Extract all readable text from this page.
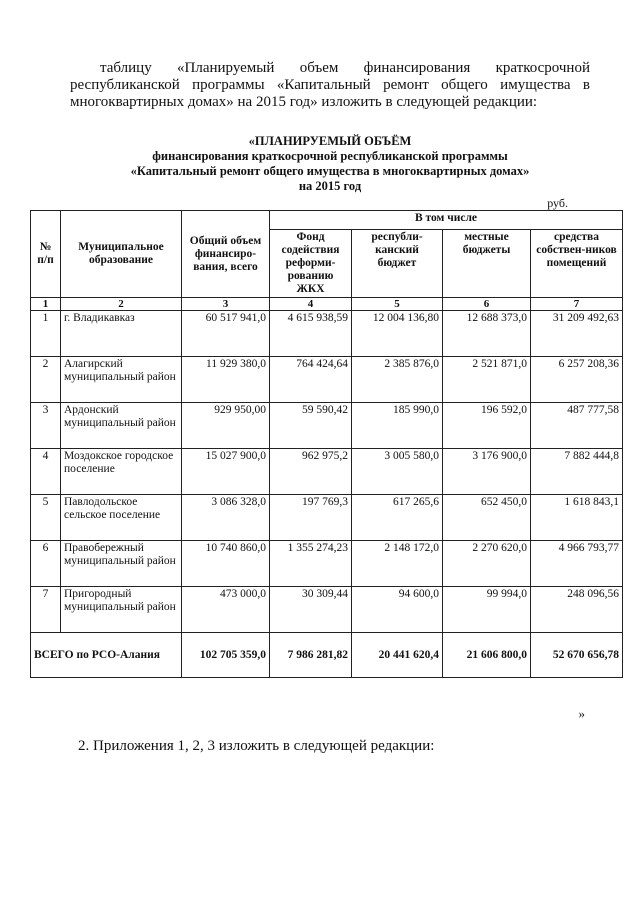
таблицу «Планируемый объем финансирования краткосрочной республиканской программы «Капитальный ремонт общего имущества в многоквартирных домах» на 2015 год» изложить в следующей редакции:
«ПЛАНИРУЕМЫЙ ОБЪЁМ
финансирования краткосрочной республиканской программы
«Капитальный ремонт общего имущества в многоквартирных домах»
на 2015 год
руб.
№ п/п	Муниципальное образование	Общий объем финансиро-вания, всего	В том числе			
			Фонд содействия реформи-рованию ЖКХ	республи-канский бюджет	местные бюджеты	средства собствен-ников помещений
1	2	3	4	5	6	7
1	г. Владикавказ	60 517 941,0	4 615 938,59	12 004 136,80	12 688 373,0	31 209 492,63
2	Алагирский муниципальный район	11 929 380,0	764 424,64	2 385 876,0	2 521 871,0	6 257 208,36
3	Ардонский муниципальный район	929 950,00	59 590,42	185 990,0	196 592,0	487 777,58
4	Моздокское городское поселение	15 027 900,0	962 975,2	3 005 580,0	3 176 900,0	7 882 444,8
5	Павлодольское сельское поселение	3 086 328,0	197 769,3	617 265,6	652 450,0	1 618 843,1
6	Правобережный муниципальный район	10 740 860,0	1 355 274,23	2 148 172,0	2 270 620,0	4 966 793,77
7	Пригородный муниципальный район	473 000,0	30 309,44	94 600,0	99 994,0	248 096,56
ВСЕГО по РСО-Алания		102 705 359,0	7 986 281,82	20 441 620,4	21 606 800,0	52 670 656,78
»
2. Приложения 1, 2, 3 изложить в следующей редакции:
